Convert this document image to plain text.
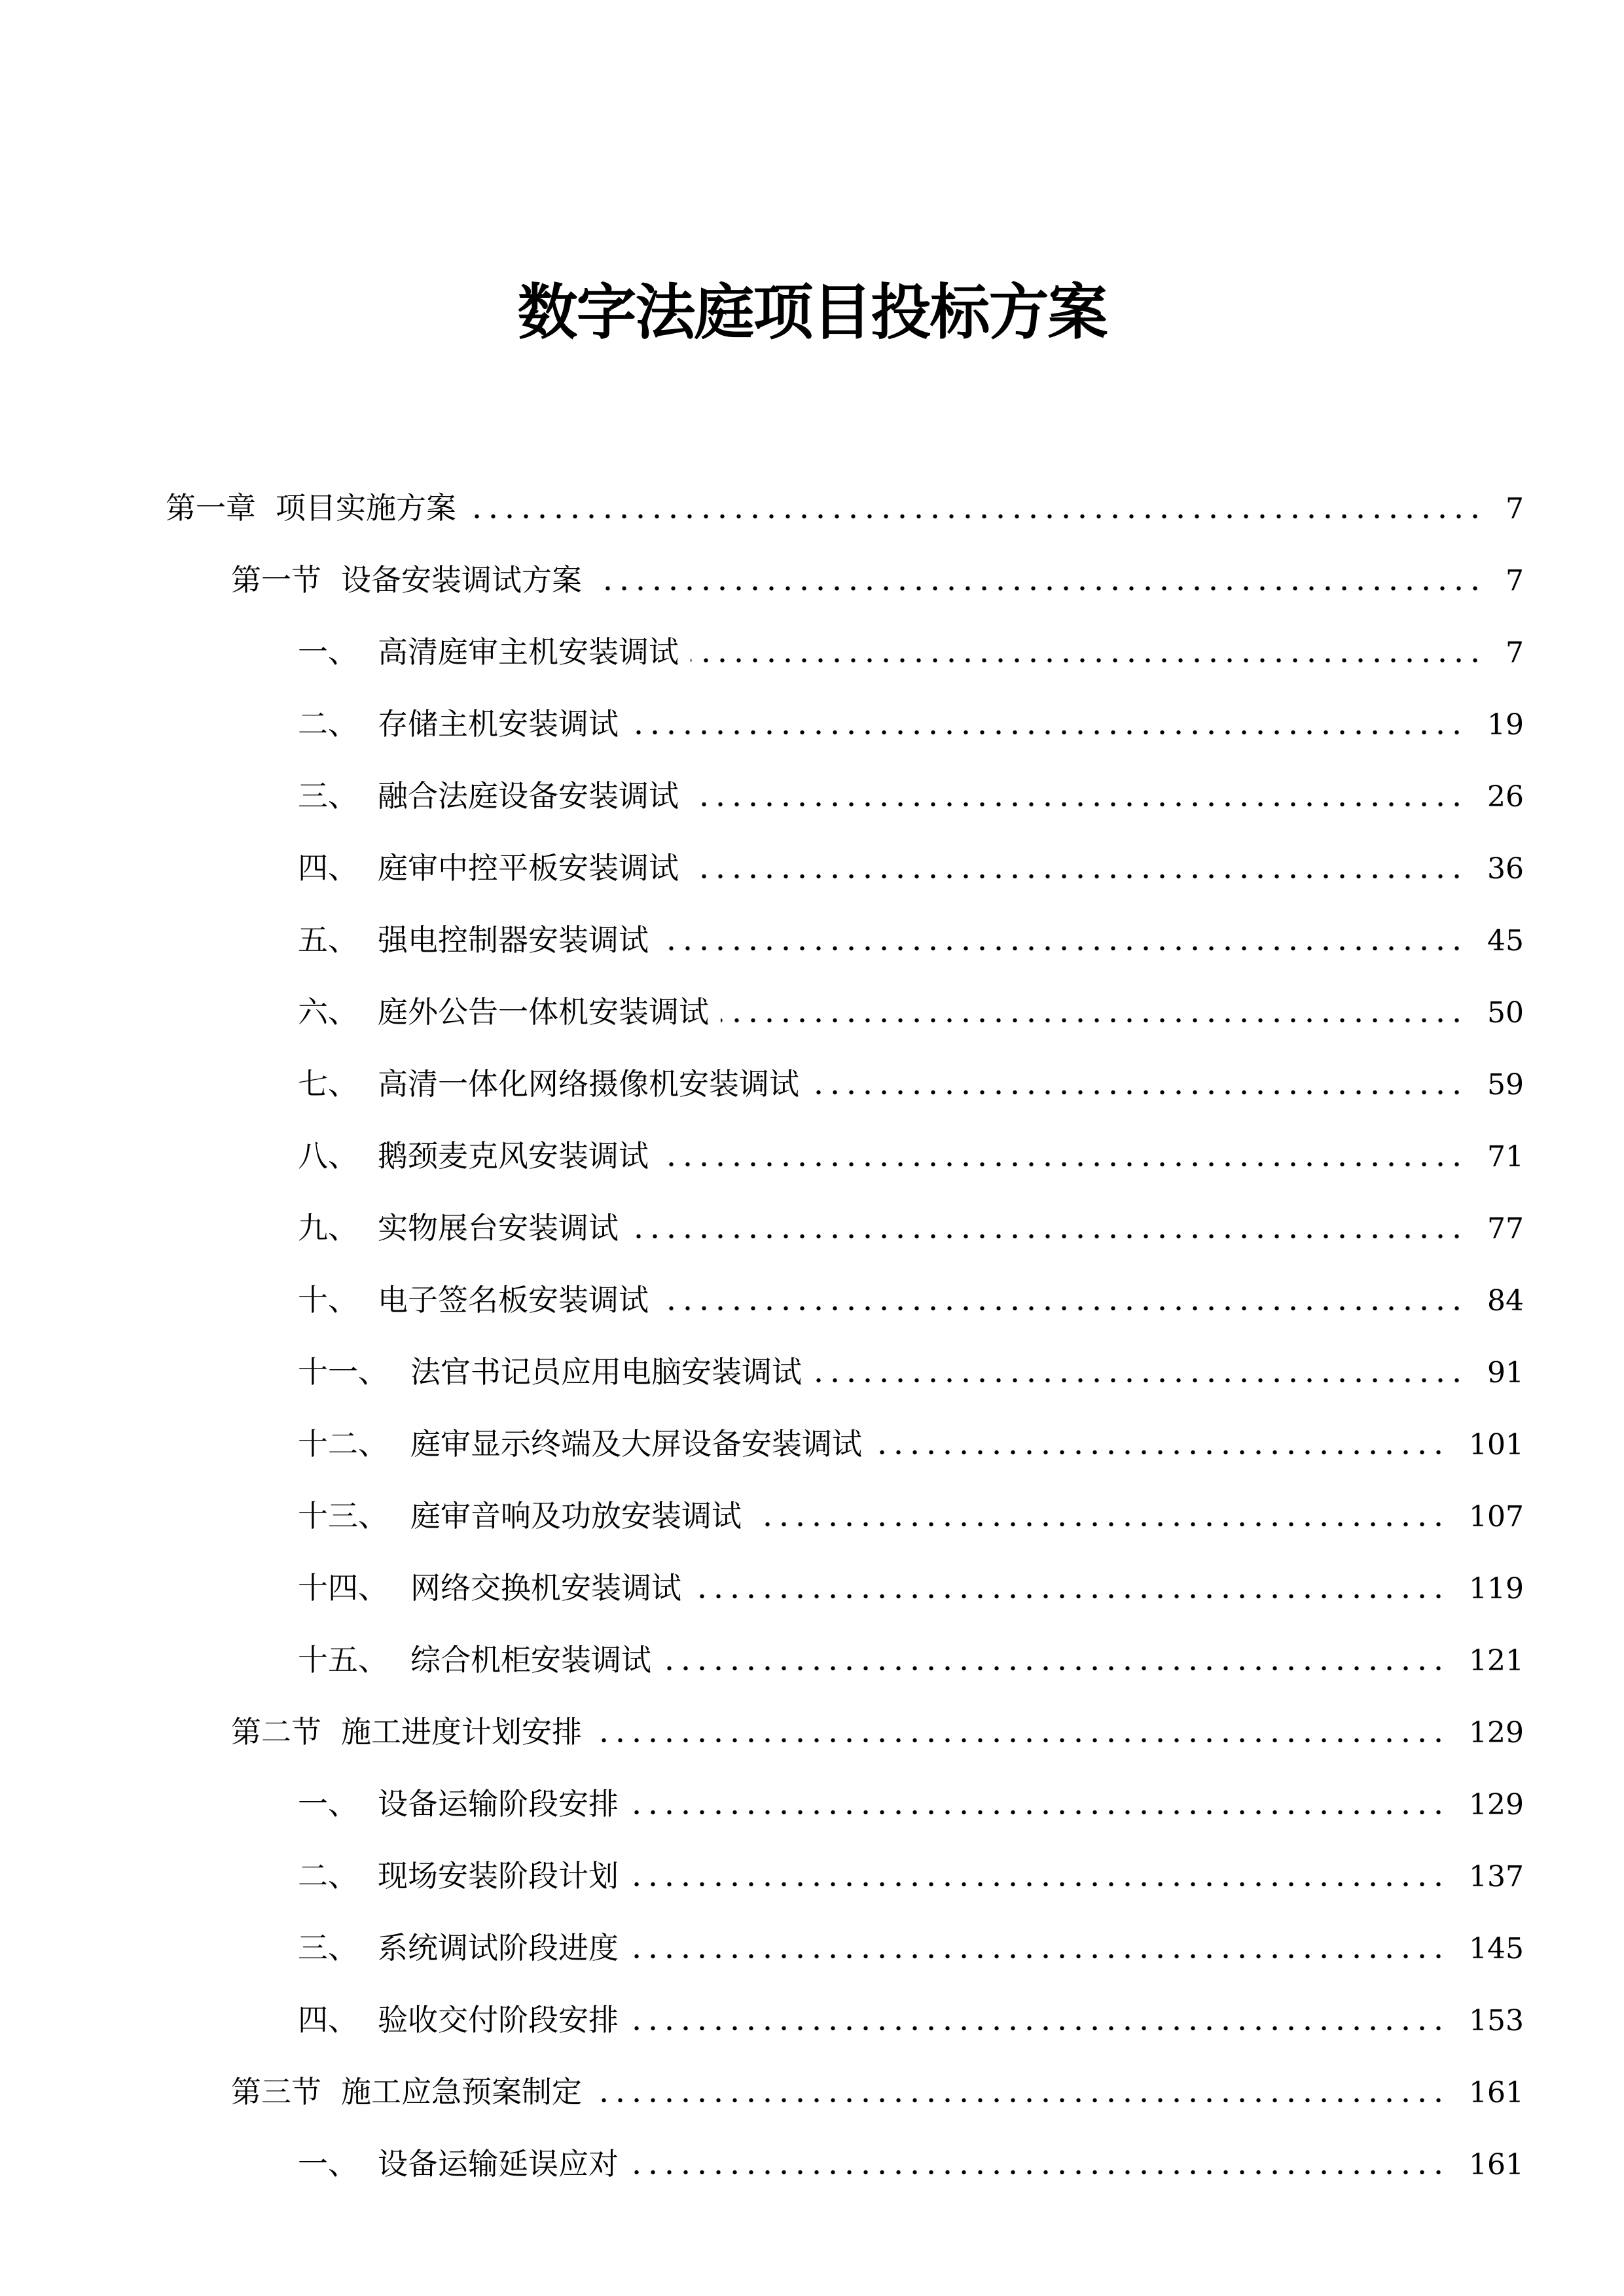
数字法庭项目投标方案
第一章 项目实施方案	7
第一节 设备安装调试方案	7
一、 高清庭审主机安装调试	7
二、 存储主机安装调试	19
三、 融合法庭设备安装调试	26
四、 庭审中控平板安装调试	36
五、 强电控制器安装调试	45
六、 庭外公告一体机安装调试	50
七、 高清一体化网络摄像机安装调试	59
八、 鹅颈麦克风安装调试	71
九、 实物展台安装调试	77
十、 电子签名板安装调试	84
十一、 法官书记员应用电脑安装调试	91
十二、 庭审显示终端及大屏设备安装调试	101
十三、 庭审音响及功放安装调试	107
十四、 网络交换机安装调试	119
十五、 综合机柜安装调试	121
第二节 施工进度计划安排	129
一、 设备运输阶段安排	129
二、 现场安装阶段计划	137
三、 系统调试阶段进度	145
四、 验收交付阶段安排	153
第三节 施工应急预案制定	161
一、 设备运输延误应对	161
